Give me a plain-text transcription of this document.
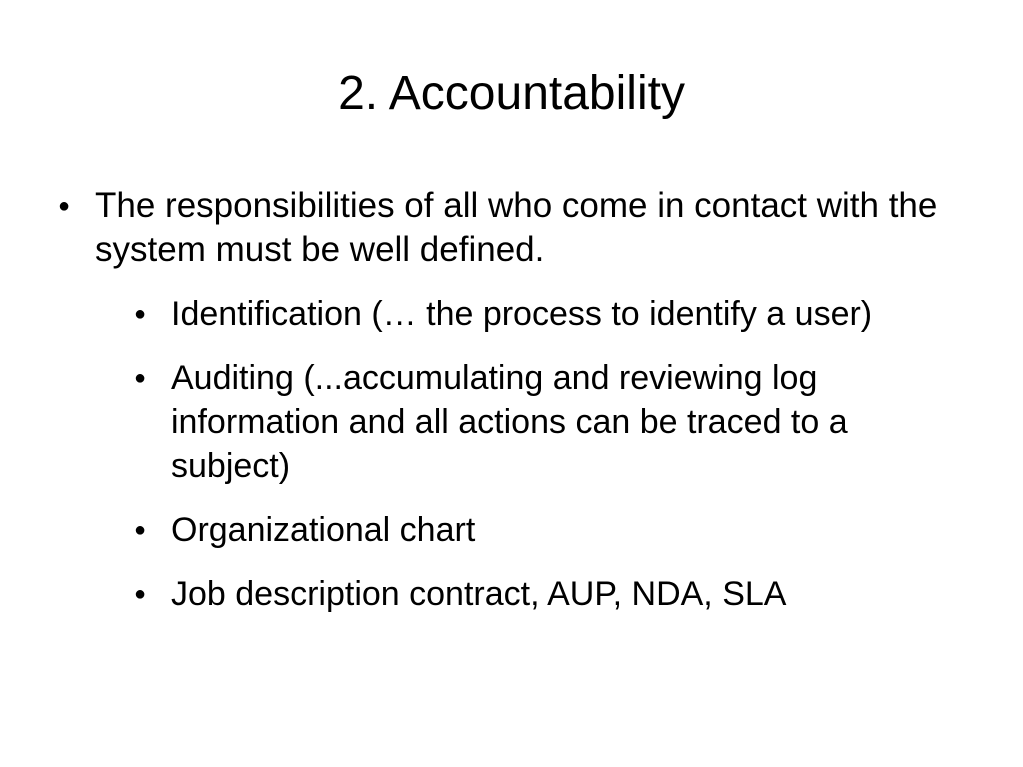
2. Accountability
● The responsibilities of all who come in contact with the system must be well defined.
● Identification (… the process to identify a user)
● Auditing (...accumulating and reviewing log information and all actions can be traced to a subject)
● Organizational chart
● Job description contract, AUP, NDA, SLA
